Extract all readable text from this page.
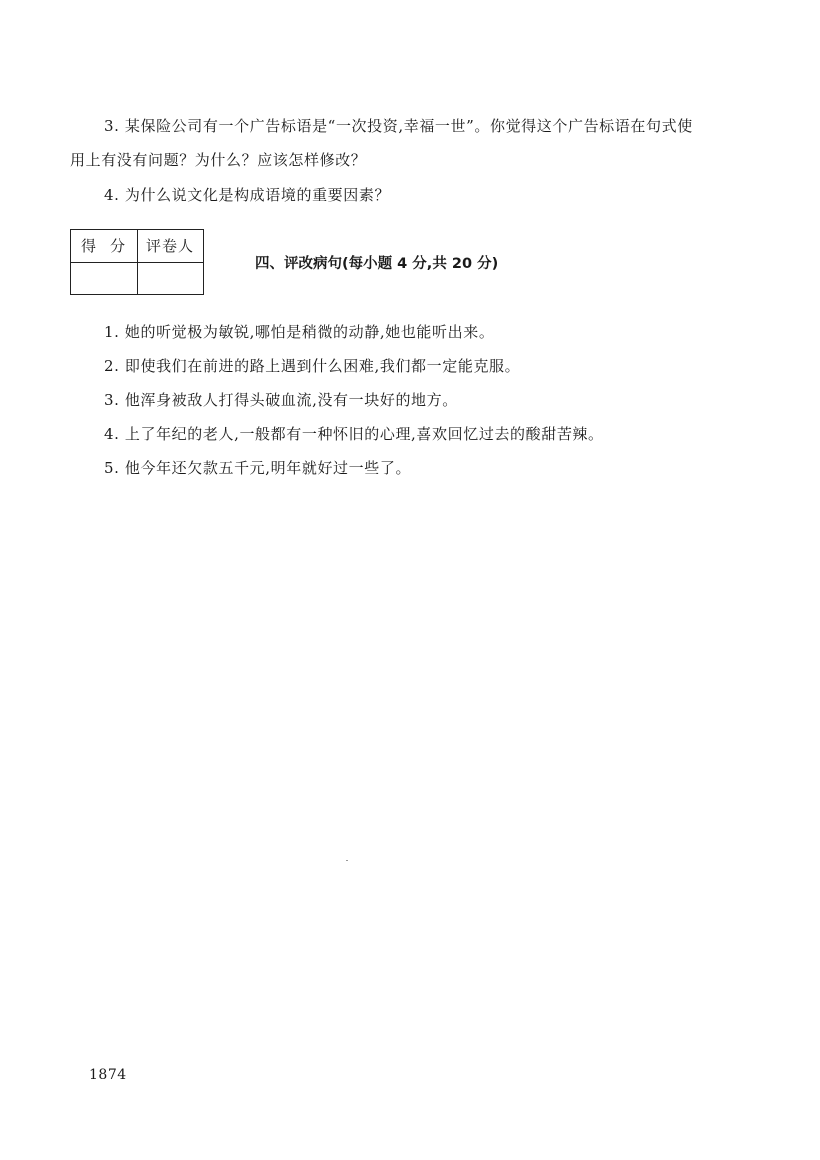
3. 某保险公司有一个广告标语是“一次投资,幸福一世”。你觉得这个广告标语在句式使
用上有没有问题？为什么？应该怎样修改？
4. 为什么说文化是构成语境的重要因素？
得分 评卷人
四、评改病句(每小题 4 分,共 20 分)
1. 她的听觉极为敏锐,哪怕是稍微的动静,她也能听出来。
2. 即使我们在前进的路上遇到什么困难,我们都一定能克服。
3. 他浑身被敌人打得头破血流,没有一块好的地方。
4. 上了年纪的老人,一般都有一种怀旧的心理,喜欢回忆过去的酸甜苦辣。
5. 他今年还欠款五千元,明年就好过一些了。
1874
